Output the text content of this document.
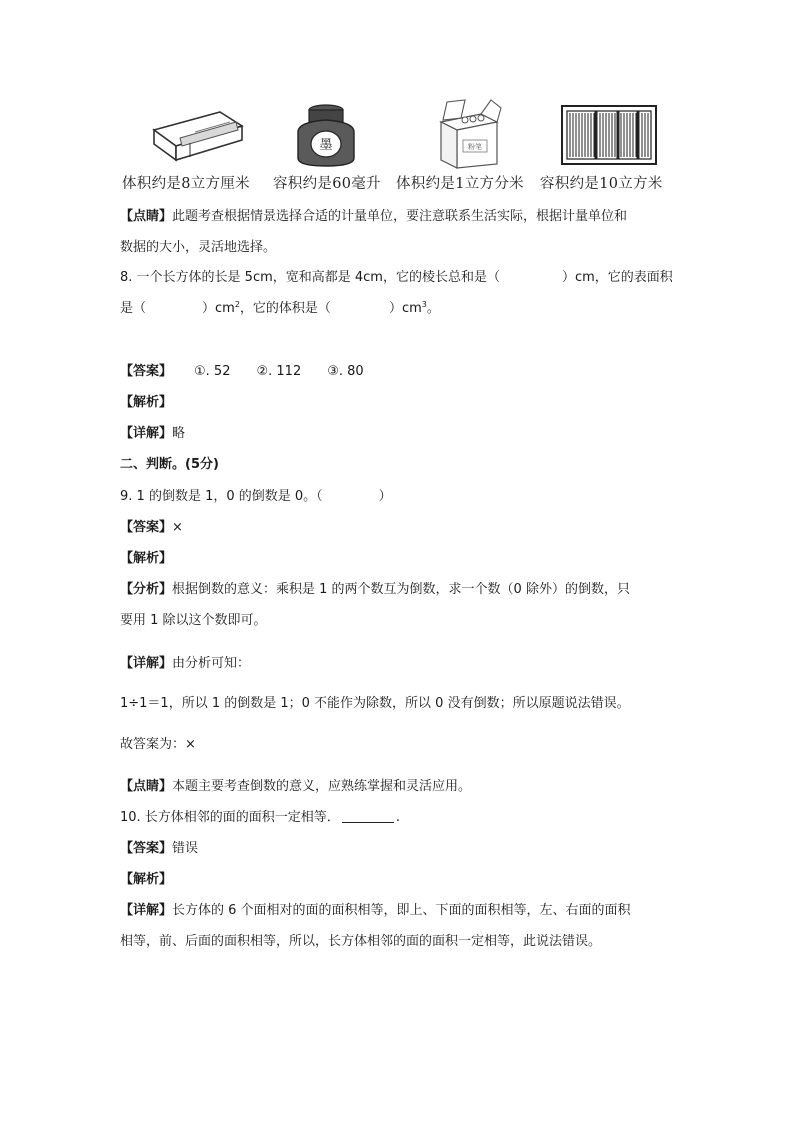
墨	粉笔
体积约是8立方厘米 容积约是60毫升 体积约是1立方分米 容积约是10立方米
【点睛】此题考查根据情景选择合适的计量单位，要注意联系生活实际，根据计量单位和
数据的大小，灵活地选择。
8. 一个长方体的长是 5cm，宽和高都是 4cm，它的棱长总和是（	）cm，它的表面积
是（	）$cm^2$，它的体积是（	）$cm^3$。
【答案】 ①. 52 ②. 112 ③. 80
【解析】
【详解】略
二、判断。(5分)
9. 1 的倒数是 1，0 的倒数是 0。（	）
【答案】×
【解析】
【分析】根据倒数的意义：乘积是 1 的两个数互为倒数，求一个数（0 除外）的倒数，只
要用 1 除以这个数即可。
【详解】由分析可知：
1÷1＝1，所以 1 的倒数是 1；0 不能作为除数，所以 0 没有倒数；所以原题说法错误。
故答案为：×
【点睛】本题主要考查倒数的意义，应熟练掌握和灵活应用。
10. 长方体相邻的面的面积一定相等．	.
【答案】错误
【解析】
【详解】长方体的 6 个面相对的面的面积相等，即上、下面的面积相等，左、右面的面积
相等，前、后面的面积相等，所以，长方体相邻的面的面积一定相等，此说法错误。
